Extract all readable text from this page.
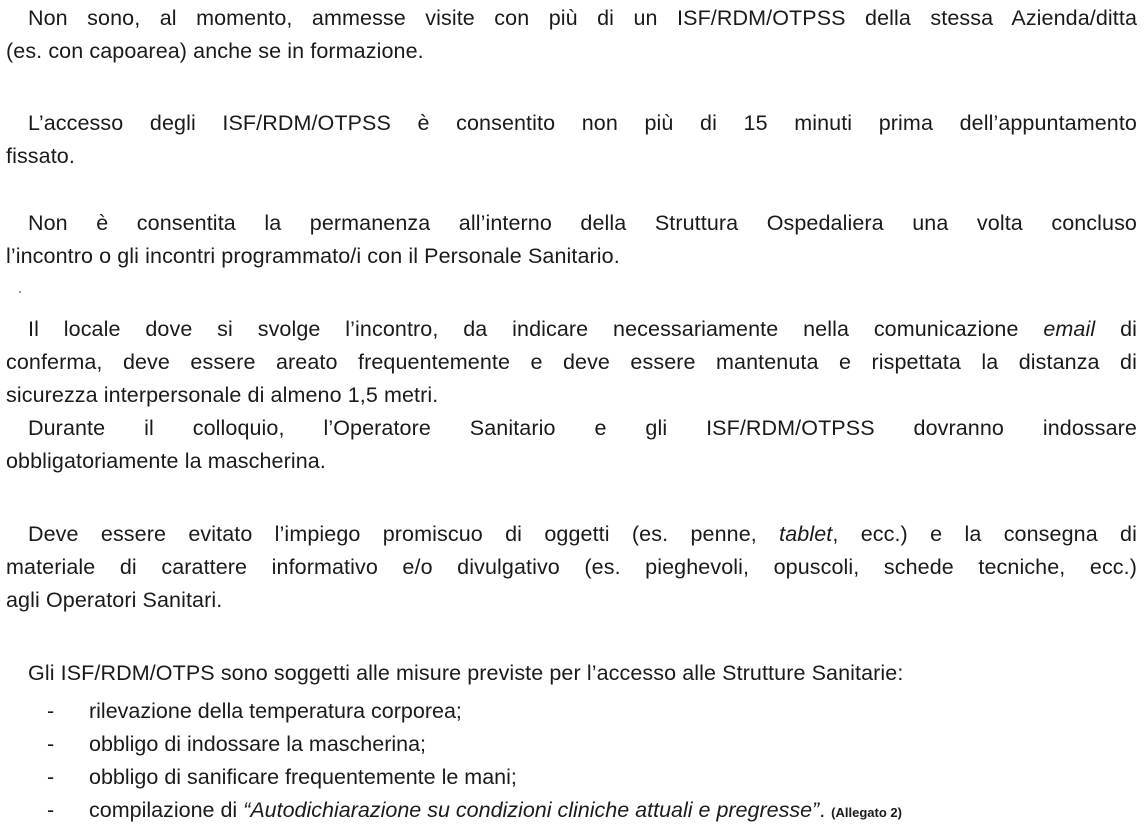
Non sono, al momento, ammesse visite con più di un ISF/RDM/OTPSS della stessa Azienda/ditta
(es. con capoarea) anche se in formazione.
L’accesso degli ISF/RDM/OTPSS è consentito non più di 15 minuti prima dell’appuntamento
fissato.
Non è consentita la permanenza all’interno della Struttura Ospedaliera una volta concluso
l’incontro o gli incontri programmato/i con il Personale Sanitario.
Il locale dove si svolge l’incontro, da indicare necessariamente nella comunicazione email di
conferma, deve essere areato frequentemente e deve essere mantenuta e rispettata la distanza di
sicurezza interpersonale di almeno 1,5 metri.
Durante il colloquio, l’Operatore Sanitario e gli ISF/RDM/OTPSS dovranno indossare
obbligatoriamente la mascherina.
Deve essere evitato l’impiego promiscuo di oggetti (es. penne, tablet, ecc.) e la consegna di
materiale di carattere informativo e/o divulgativo (es. pieghevoli, opuscoli, schede tecniche, ecc.)
agli Operatori Sanitari.
Gli ISF/RDM/OTPS sono soggetti alle misure previste per l’accesso alle Strutture Sanitarie:
- rilevazione della temperatura corporea;
- obbligo di indossare la mascherina;
- obbligo di sanificare frequentemente le mani;
- compilazione di “Autodichiarazione su condizioni cliniche attuali e pregresse”. (Allegato 2)
